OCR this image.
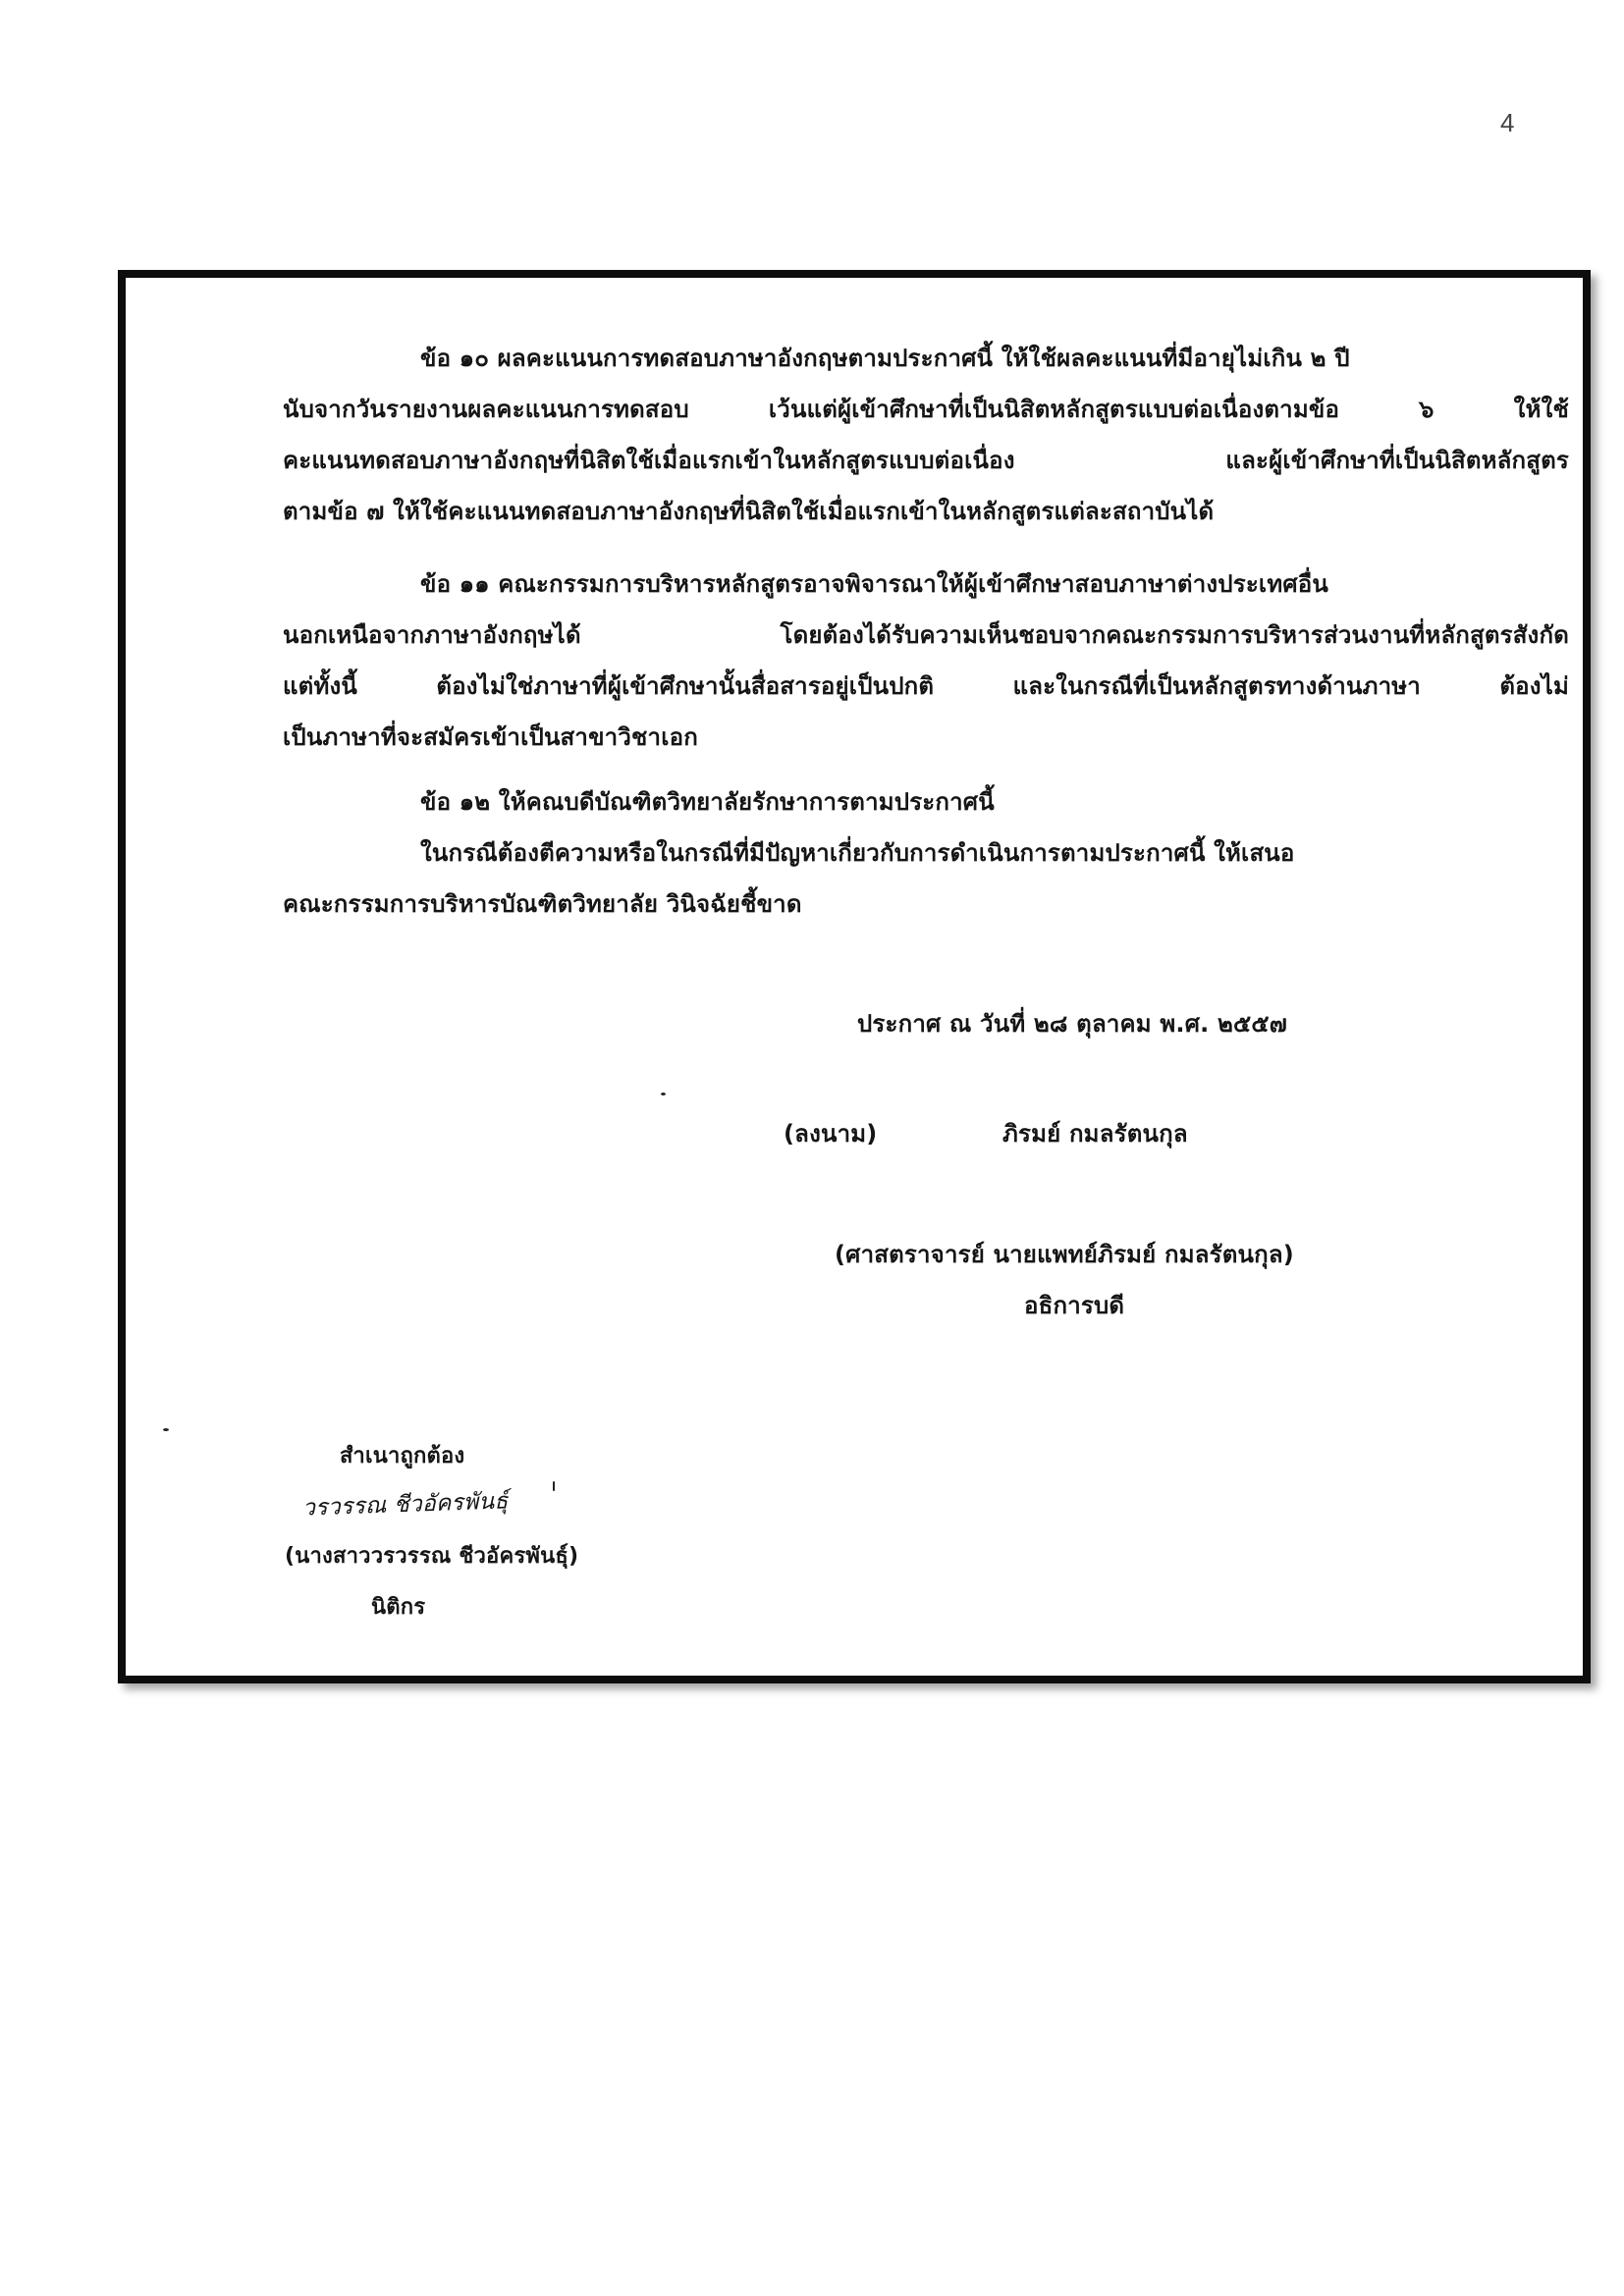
4
ข้อ ๑๐ ผลคะแนนการทดสอบภาษาอังกฤษตามประกาศนี้ ให้ใช้ผลคะแนนที่มีอายุไม่เกิน ๒ ปี
นับจากวันรายงานผลคะแนนการทดสอบ เว้นแต่ผู้เข้าศึกษาที่เป็นนิสิตหลักสูตรแบบต่อเนื่องตามข้อ ๖ ให้ใช้
คะแนนทดสอบภาษาอังกฤษที่นิสิตใช้เมื่อแรกเข้าในหลักสูตรแบบต่อเนื่อง และผู้เข้าศึกษาที่เป็นนิสิตหลักสูตร
ตามข้อ ๗ ให้ใช้คะแนนทดสอบภาษาอังกฤษที่นิสิตใช้เมื่อแรกเข้าในหลักสูตรแต่ละสถาบันได้
ข้อ ๑๑ คณะกรรมการบริหารหลักสูตรอาจพิจารณาให้ผู้เข้าศึกษาสอบภาษาต่างประเทศอื่น
นอกเหนือจากภาษาอังกฤษได้ โดยต้องได้รับความเห็นชอบจากคณะกรรมการบริหารส่วนงานที่หลักสูตรสังกัด
แต่ทั้งนี้ ต้องไม่ใช่ภาษาที่ผู้เข้าศึกษานั้นสื่อสารอยู่เป็นปกติ และในกรณีที่เป็นหลักสูตรทางด้านภาษา ต้องไม่
เป็นภาษาที่จะสมัครเข้าเป็นสาขาวิชาเอก
ข้อ ๑๒ ให้คณบดีบัณฑิตวิทยาลัยรักษาการตามประกาศนี้
ในกรณีต้องตีความหรือในกรณีที่มีปัญหาเกี่ยวกับการดำเนินการตามประกาศนี้ ให้เสนอ
คณะกรรมการบริหารบัณฑิตวิทยาลัย วินิจฉัยชี้ขาด
ประกาศ ณ วันที่ ๒๘ ตุลาคม พ.ศ. ๒๕๕๗
(ลงนาม)	ภิรมย์ กมลรัตนกุล
(ศาสตราจารย์ นายแพทย์ภิรมย์ กมลรัตนกุล)
อธิการบดี
สำเนาถูกต้อง
วรวรรณ ชีวอัครพันธุ์
(นางสาววรวรรณ ชีวอัครพันธุ์)
นิติกร
